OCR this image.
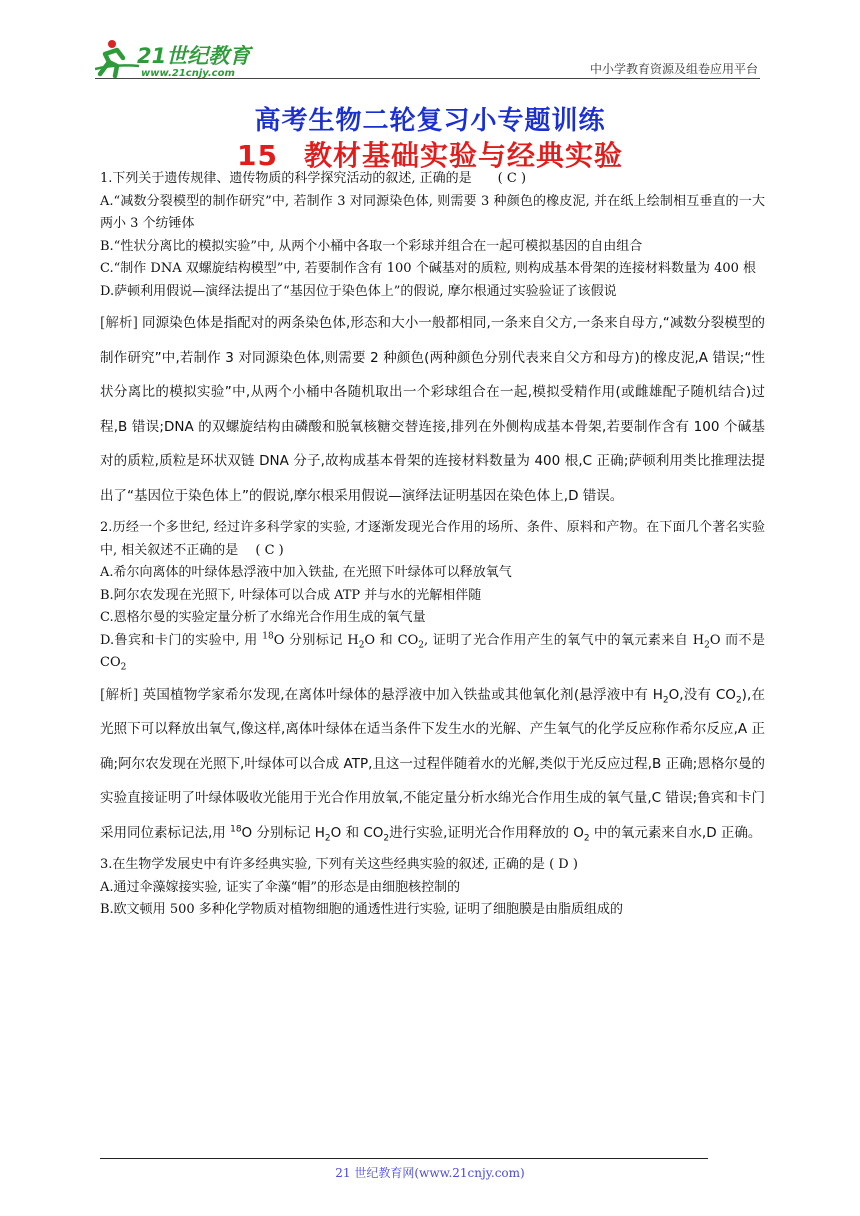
21世纪教育
www.21cnjy.com	中小学教育资源及组卷应用平台
高考生物二轮复习小专题训练
15 教材基础实验与经典实验

1.下列关于遗传规律、遗传物质的科学探究活动的叙述, 正确的是　　( C )

A.“减数分裂模型的制作研究”中, 若制作 3 对同源染色体, 则需要 3 种颜色的橡皮泥, 并在纸上绘制相互垂直的一大两小 3 个纺锤体

B.“性状分离比的模拟实验”中, 从两个小桶中各取一个彩球并组合在一起可模拟基因的自由组合

C.“制作 DNA 双螺旋结构模型”中, 若要制作含有 100 个碱基对的质粒, 则构成基本骨架的连接材料数量为 400 根

D.萨顿利用假说—演绎法提出了“基因位于染色体上”的假说, 摩尔根通过实验验证了该假说

[解析] 同源染色体是指配对的两条染色体,形态和大小一般都相同,一条来自父方,一条来自母方,“减数分裂模型的制作研究”中,若制作 3 对同源染色体,则需要 2 种颜色(两种颜色分别代表来自父方和母方)的橡皮泥,A 错误;“性状分离比的模拟实验”中,从两个小桶中各随机取出一个彩球组合在一起,模拟受精作用(或雌雄配子随机结合)过程,B 错误;DNA 的双螺旋结构由磷酸和脱氧核糖交替连接,排列在外侧构成基本骨架,若要制作含有 100 个碱基对的质粒,质粒是环状双链 DNA 分子,故构成基本骨架的连接材料数量为 400 根,C 正确;萨顿利用类比推理法提出了“基因位于染色体上”的假说,摩尔根采用假说—演绎法证明基因在染色体上,D 错误。

2.历经一个多世纪, 经过许多科学家的实验, 才逐渐发现光合作用的场所、条件、原料和产物。在下面几个著名实验中, 相关叙述不正确的是　 ( C )

A.希尔向离体的叶绿体悬浮液中加入铁盐, 在光照下叶绿体可以释放氧气

B.阿尔农发现在光照下, 叶绿体可以合成 ATP 并与水的光解相伴随

C.恩格尔曼的实验定量分析了水绵光合作用生成的氧气量

D.鲁宾和卡门的实验中, 用 $^{18}$O 分别标记 $H_2O$ 和 $CO_2$, 证明了光合作用产生的氧气中的氧元素来自 $H_2O$ 而不是 $CO_2$

[解析] 英国植物学家希尔发现,在离体叶绿体的悬浮液中加入铁盐或其他氧化剂(悬浮液中有 $H_2O$,没有 $CO_2$),在光照下可以释放出氧气,像这样,离体叶绿体在适当条件下发生水的光解、产生氧气的化学反应称作希尔反应,A 正确;阿尔农发现在光照下,叶绿体可以合成 ATP,且这一过程伴随着水的光解,类似于光反应过程,B 正确;恩格尔曼的实验直接证明了叶绿体吸收光能用于光合作用放氧,不能定量分析水绵光合作用生成的氧气量,C 错误;鲁宾和卡门采用同位素标记法,用 $^{18}$O 分别标记 $H_2O$ 和 $CO_2$进行实验,证明光合作用释放的 $O_2$ 中的氧元素来自水,D 正确。

3.在生物学发展史中有许多经典实验, 下列有关这些经典实验的叙述, 正确的是 ( D )

A.通过伞藻嫁接实验, 证实了伞藻“帽”的形态是由细胞核控制的

B.欧文顿用 500 多种化学物质对植物细胞的通透性进行实验, 证明了细胞膜是由脂质组成的

21 世纪教育网(www.21cnjy.com)
